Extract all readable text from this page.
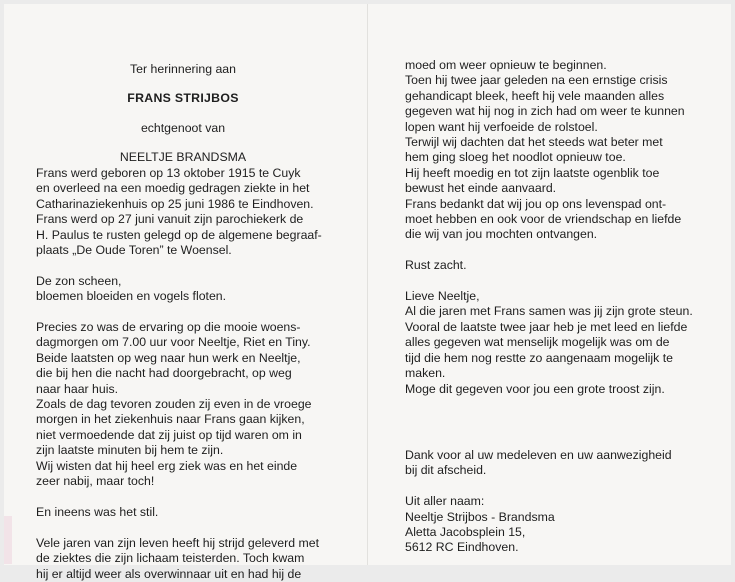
Ter herinnering aan
FRANS STRIJBOS
echtgenoot van
NEELTJE BRANDSMA

Frans werd geboren op 13 oktober 1915 te Cuyk

en overleed na een moedig gedragen ziekte in het

Catharinaziekenhuis op 25 juni 1986 te Eindhoven.

Frans werd op 27 juni vanuit zijn parochiekerk de

H. Paulus te rusten gelegd op de algemene begraaf-

plaats „De Oude Toren” te Woensel.

De zon scheen,

bloemen bloeiden en vogels floten.

Precies zo was de ervaring op die mooie woens-

dagmorgen om 7.00 uur voor Neeltje, Riet en Tiny.

Beide laatsten op weg naar hun werk en Neeltje,

die bij hen die nacht had doorgebracht, op weg

naar haar huis.

Zoals de dag tevoren zouden zij even in de vroege

morgen in het ziekenhuis naar Frans gaan kijken,

niet vermoedende dat zij juist op tijd waren om in

zijn laatste minuten bij hem te zijn.

Wij wisten dat hij heel erg ziek was en het einde

zeer nabij, maar toch!

En ineens was het stil.

Vele jaren van zijn leven heeft hij strijd geleverd met

de ziektes die zijn lichaam teisterden. Toch kwam

hij er altijd weer als overwinnaar uit en had hij de

moed om weer opnieuw te beginnen.

Toen hij twee jaar geleden na een ernstige crisis

gehandicapt bleek, heeft hij vele maanden alles

gegeven wat hij nog in zich had om weer te kunnen

lopen want hij verfoeide de rolstoel.

Terwijl wij dachten dat het steeds wat beter met

hem ging sloeg het noodlot opnieuw toe.

Hij heeft moedig en tot zijn laatste ogenblik toe

bewust het einde aanvaard.

Frans bedankt dat wij jou op ons levenspad ont-

moet hebben en ook voor de vriendschap en liefde

die wij van jou mochten ontvangen.

Rust zacht.

Lieve Neeltje,

Al die jaren met Frans samen was jij zijn grote steun.

Vooral de laatste twee jaar heb je met leed en liefde

alles gegeven wat menselijk mogelijk was om de

tijd die hem nog restte zo aangenaam mogelijk te

maken.

Moge dit gegeven voor jou een grote troost zijn.

Dank voor al uw medeleven en uw aanwezigheid

bij dit afscheid.

Uit aller naam:

Neeltje Strijbos - Brandsma

Aletta Jacobsplein 15,

5612 RC Eindhoven.
